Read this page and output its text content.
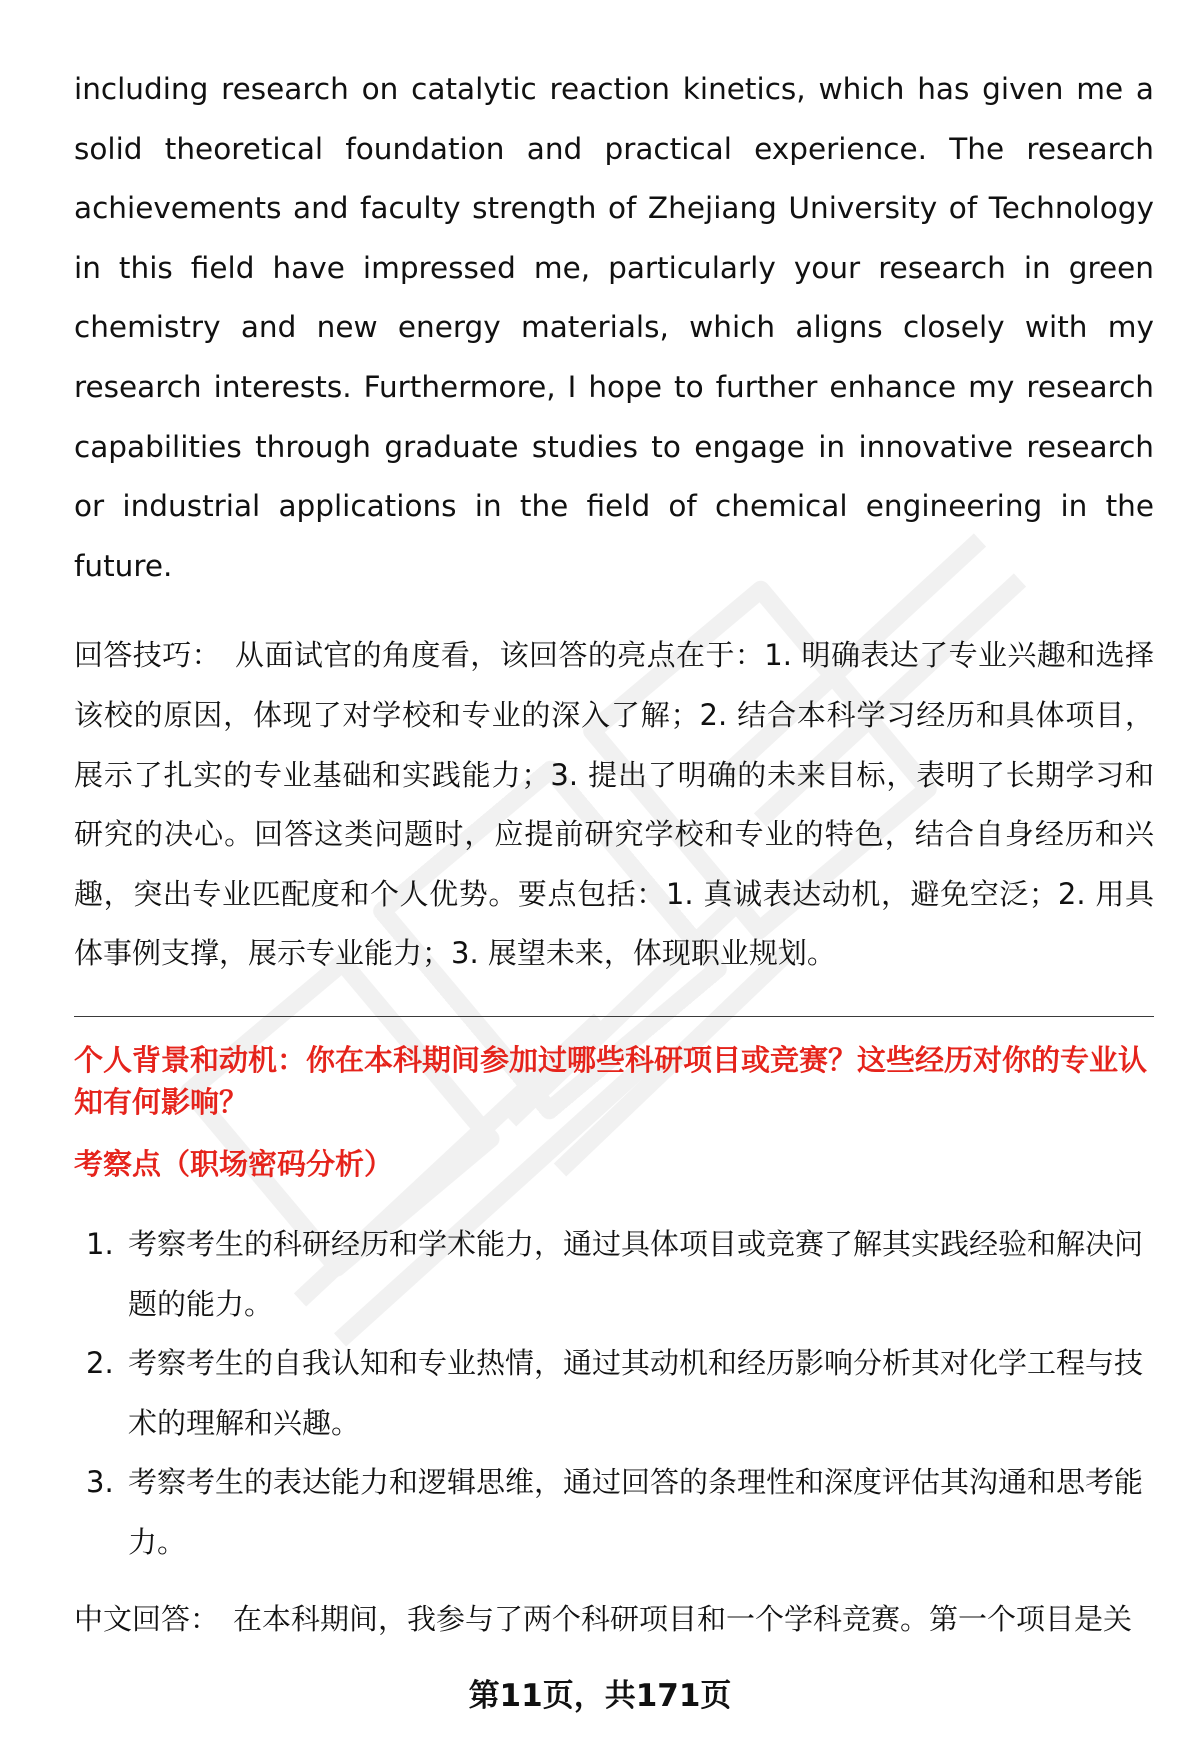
including research on catalytic reaction kinetics, which has given me a solid theoretical foundation and practical experience. The research achievements and faculty strength of Zhejiang University of Technology in this field have impressed me, particularly your research in green chemistry and new energy materials, which aligns closely with my research interests. Furthermore, I hope to further enhance my research capabilities through graduate studies to engage in innovative research or industrial applications in the field of chemical engineering in the future.

回答技巧： 从面试官的角度看，该回答的亮点在于：1. 明确表达了专业兴趣和选择该校的原因，体现了对学校和专业的深入了解；2. 结合本科学习经历和具体项目，展示了扎实的专业基础和实践能力；3. 提出了明确的未来目标，表明了长期学习和研究的决心。回答这类问题时，应提前研究学校和专业的特色，结合自身经历和兴趣，突出专业匹配度和个人优势。要点包括：1. 真诚表达动机，避免空泛；2. 用具体事例支撑，展示专业能力；3. 展望未来，体现职业规划。

个人背景和动机：你在本科期间参加过哪些科研项目或竞赛？这些经历对你的专业认知有何影响？

考察点（职场密码分析）

1. 考察考生的科研经历和学术能力，通过具体项目或竞赛了解其实践经验和解决问题的能力。
2. 考察考生的自我认知和专业热情，通过其动机和经历影响分析其对化学工程与技术的理解和兴趣。
3. 考察考生的表达能力和逻辑思维，通过回答的条理性和深度评估其沟通和思考能力。

中文回答： 在本科期间，我参与了两个科研项目和一个学科竞赛。第一个项目是关

第11页，共171页
